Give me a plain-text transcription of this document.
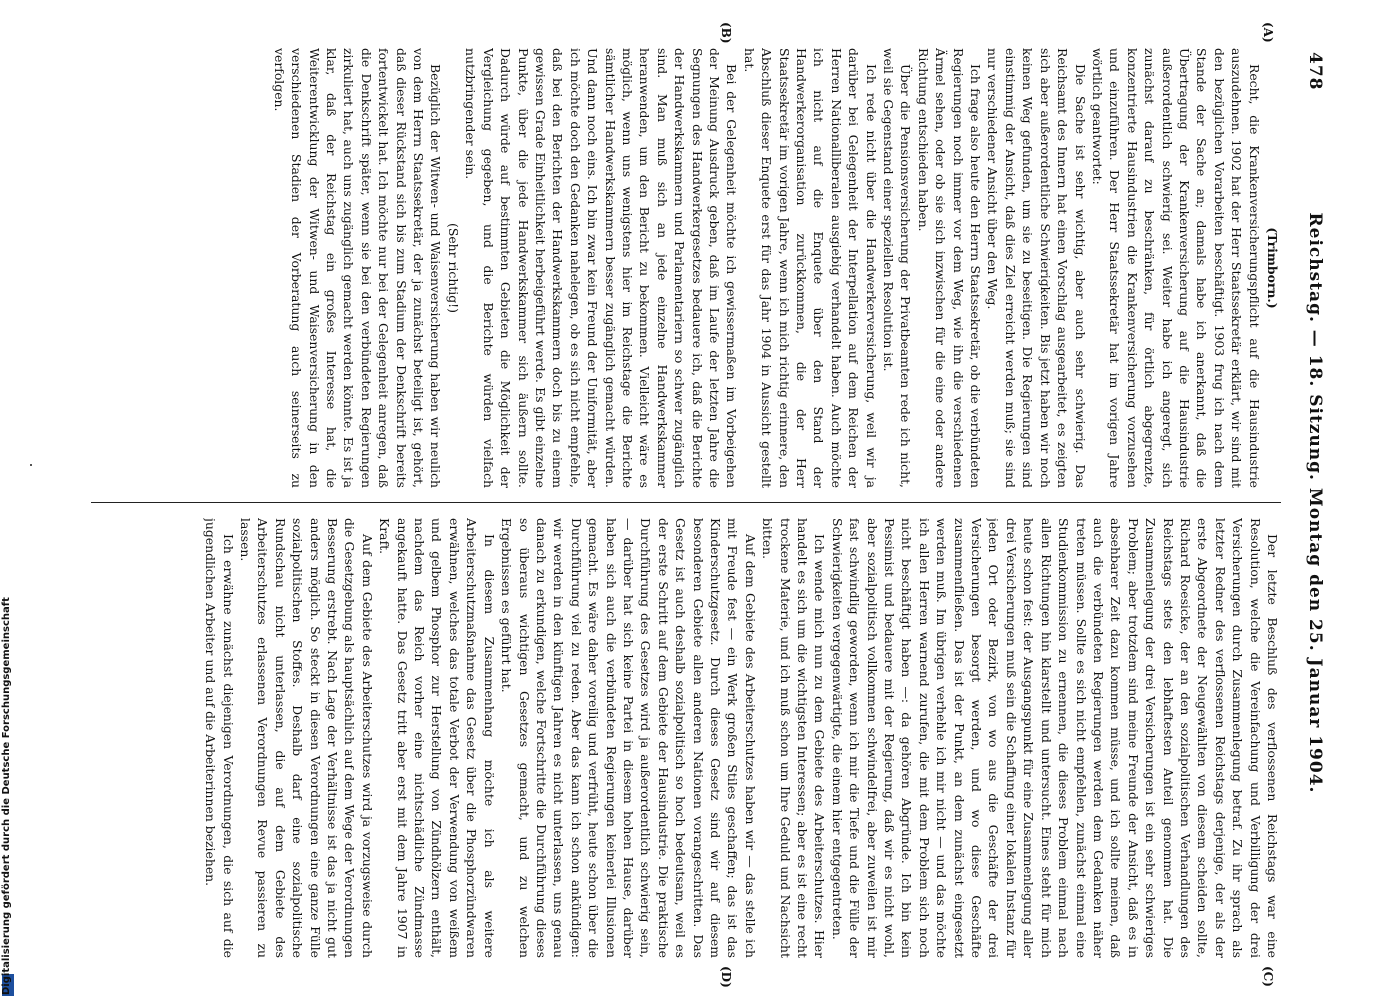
478
Reichstag. — 18. Sitzung. Montag den 25. Januar 1904.
(A)
(B)
(C)
(D)

(Trimborn.)

Recht, die Krankenversicherungspflicht auf die Hausindustrie auszudehnen. 1902 hat der Herr Staatssekretär erklärt, wir sind mit den bezüglichen Vorarbeiten beschäftigt. 1903 frug ich nach dem Stande der Sache an; damals habe ich anerkannt, daß die Übertragung der Krankenversicherung auf die Hausindustrie außerordentlich schwierig sei. Weiter habe ich angeregt, sich zunächst darauf zu beschränken, für örtlich abgegrenzte, konzentrierte Hausindustrien die Krankenversicherung vorzusehen und einzuführen. Der Herr Staatssekretär hat im vorigen Jahre wörtlich geantwortet:

Die Sache ist sehr wichtig, aber auch sehr schwierig. Das Reichsamt des Innern hat einen Vorschlag ausgearbeitet, es zeigten sich aber außerordentliche Schwierigkeiten. Bis jetzt haben wir noch keinen Weg gefunden, um sie zu beseitigen. Die Regierungen sind einstimmig der Ansicht, daß dies Ziel erreicht werden muß; sie sind nur verschiedener Ansicht über den Weg.

Ich frage also heute den Herrn Staatssekretär, ob die verbündeten Regierungen noch immer vor dem Weg, wie ihn die verschiedenen Ärmel sehen, oder ob sie sich inzwischen für die eine oder andere Richtung entschieden haben.

Über die Pensionsversicherung der Privatbeamten rede ich nicht, weil sie Gegenstand einer speziellen Resolution ist.

Ich rede nicht über die Handwerkerversicherung, weil wir ja darüber bei Gelegenheit der Interpellation auf dem Reichen der Herren Nationalliberalen ausgiebig verhandelt haben. Auch möchte ich nicht auf die Enquete über den Stand der Handwerkerorganisation zurückkommen, die der Herr Staatssekretär im vorigen Jahre, wenn ich mich richtig erinnere, den Abschluß dieser Enquete erst für das Jahr 1904 in Aussicht gestellt hat.

Bei der Gelegenheit möchte ich gewissermaßen im Vorbeigehen der Meinung Ausdruck geben, daß im Laufe der letzten Jahre die Segnungen des Handwerkergesetzes bedauere ich, daß die Berichte der Handwerkskammern und Parlamentariern so schwer zugänglich sind. Man muß sich an jede einzelne Handwerkskammer heranwenden, um den Bericht zu bekommen. Vielleicht wäre es möglich, wenn uns wenigstens hier im Reichstage die Berichte sämtlicher Handwerkskammern besser zugänglich gemacht würden. Und dann noch eins. Ich bin zwar kein Freund der Uniformität, aber ich möchte doch den Gedanken nahelegen, ob es sich nicht empfehle, daß bei den Berichten der Handwerkskammern doch bis zu einem gewissen Grade Einheitlichkeit herbeigeführt werde. Es gibt einzelne Punkte, über die jede Handwerkskammer sich äußern sollte. Dadurch würde auf bestimmten Gebieten die Möglichkeit der Vergleichung gegeben, und die Berichte würden vielfach nutzbringender sein.

(Sehr richtig!)

Bezüglich der Witwen- und Waisenversicherung haben wir neulich von dem Herrn Staatssekretär, der ja zunächst beteiligt ist, gehört, daß dieser Rückstand sich bis zum Stadium der Denkschrift bereits fortentwickelt hat. Ich möchte nur bei der Gelegenheit anregen, daß die Denkschrift später, wenn sie bei den verbündeten Regierungen zirkuliert hat, auch uns zugänglich gemacht werden könnte. Es ist ja klar, daß der Reichstag ein großes Interesse hat, die Weiterentwicklung der Witwen- und Waisenversicherung in den verschiedenen Stadien der Vorberatung auch seinerseits zu verfolgen.

Der letzte Beschluß des verflossenen Reichstags war eine Resolution, welche die Vereinfachung und Verbilligung der drei Versicherungen durch Zusammenlegung betraf. Zu ihr sprach als letzter Redner des verflossenen Reichstags derjenige, der als der erste Abgeordnete der Neugewählten von diesem scheiden sollte, Richard Roesicke, der an den sozialpolitischen Verhandlungen des Reichstags stets den lebhaftesten Anteil genommen hat. Die Zusammenlegung der drei Versicherungen ist ein sehr schwieriges Problem; aber trotzdem sind meine Freunde der Ansicht, daß es in absehbarer Zeit dazu kommen müsse, und ich sollte meinen, daß auch die verbündeten Regierungen werden dem Gedanken näher treten müssen. Sollte es sich nicht empfehlen, zunächst einmal eine Studienkommission zu ernennen, die dieses Problem einmal nach allen Richtungen hin klarstellt und untersucht. Eines steht für mich heute schon fest: der Ausgangspunkt für eine Zusammenlegung aller drei Versicherungen muß sein die Schaffung einer lokalen Instanz für jeden Ort oder Bezirk, von wo aus die Geschäfte der drei Versicherungen besorgt werden, und wo diese Geschäfte zusammenfließen. Das ist der Punkt, an dem zunächst eingesetzt werden muß. Im übrigen verhehle ich mir nicht — und das möchte ich allen Herren warnend zurufen, die mit dem Problem sich noch nicht beschäftigt haben —: da gehören Abgründe. Ich bin kein Pessimist und bedauere mit der Regierung, daß wir es nicht wohl, aber sozialpolitisch vollkommen schwindelfrei, aber zuweilen ist mir fast schwindlig geworden, wenn ich mir die Tiefe und die Fülle der Schwierigkeiten vergegenwärtigte, die einem hier entgegentreten.

Ich wende mich nun zu dem Gebiete des Arbeiterschutzes. Hier handelt es sich um die wichtigsten Interessen; aber es ist eine recht trockene Materie, und ich muß schon um Ihre Geduld und Nachsicht bitten.

Auf dem Gebiete des Arbeiterschutzes haben wir — das stelle ich mit Freude fest — ein Werk großen Stiles geschaffen; das ist das Kinderschutzgesetz. Durch dieses Gesetz sind wir auf diesem besonderen Gebiete allen anderen Nationen vorangeschritten. Das Gesetz ist auch deshalb sozialpolitisch so hoch bedeutsam, weil es der erste Schritt auf dem Gebiete der Hausindustrie. Die praktische Durchführung des Gesetzes wird ja außerordentlich schwierig sein, — darüber hat sich keine Partei in diesem hohen Hause, darüber haben sich auch die verbündeten Regierungen keinerlei Illusionen gemacht. Es wäre daher voreilig und verfrüht, heute schon über die Durchführung viel zu reden. Aber das kann ich schon ankündigen: wir werden in den künftigen Jahren es nicht unterlassen, uns genau danach zu erkundigen, welche Fortschritte die Durchführung dieses so überaus wichtigen Gesetzes gemacht, und zu welchen Ergebnissen es geführt hat.

In diesem Zusammenhang möchte ich als weitere Arbeiterschutzmaßnahme das Gesetz über die Phosphorzündwaren erwähnen, welches das totale Verbot der Verwendung von weißem und gelbem Phosphor zur Herstellung von Zündhölzern enthält, nachdem das Reich vorher eine nichtschädliche Zündmasse angekauft hatte. Das Gesetz tritt aber erst mit dem Jahre 1907 in Kraft.

Auf dem Gebiete des Arbeiterschutzes wird ja vorzugsweise durch die Gesetzgebung als hauptsächlich auf dem Wege der Verordnungen Besserung erstrebt. Nach Lage der Verhältnisse ist das ja nicht gut anders möglich. So steckt in diesen Verordnungen eine ganze Fülle sozialpolitischen Stoffes. Deshalb darf eine sozialpolitische Rundschau nicht unterlassen, die auf dem Gebiete des Arbeiterschutzes erlassenen Verordnungen Revue passieren zu lassen.

Ich erwähne zunächst diejenigen Verordnungen, die sich auf die jugendlichen Arbeiter und auf die Arbeiterinnen beziehen.

Digitalisierung gefördert durch die Deutsche Forschungsgemeinschaft
